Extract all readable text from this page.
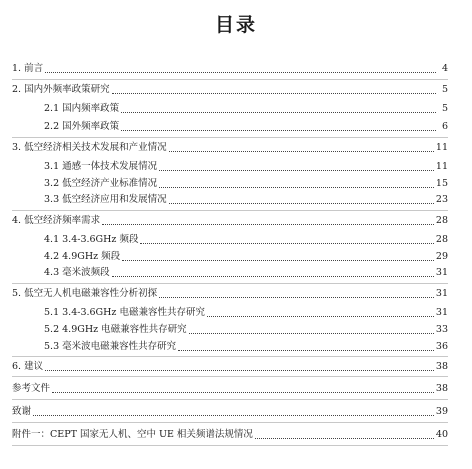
目录
1. 前言	4
2. 国内外频率政策研究	5
2.1 国内频率政策	5
2.2 国外频率政策	6
3. 低空经济相关技术发展和产业情况	11
3.1 通感一体技术发展情况	11
3.2 低空经济产业标准情况	15
3.3 低空经济应用和发展情况	23
4. 低空经济频率需求	28
4.1 3.4-3.6GHz 频段	28
4.2 4.9GHz 频段	29
4.3 毫米波频段	31
5. 低空无人机电磁兼容性分析初探	31
5.1 3.4-3.6GHz 电磁兼容性共存研究	31
5.2 4.9GHz 电磁兼容性共存研究	33
5.3 毫米波电磁兼容性共存研究	36
6. 建议	38
参考文件	38
致谢	39
附件一：CEPT 国家无人机、空中 UE 相关频谱法规情况	40
